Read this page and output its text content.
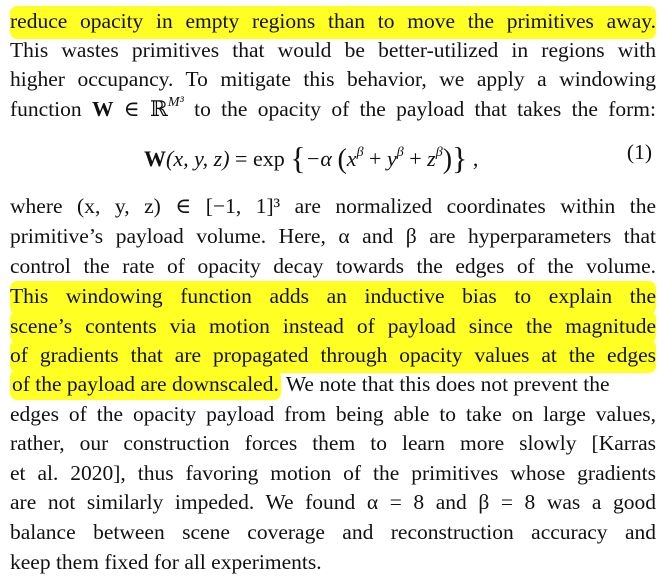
reduce opacity in empty regions than to move the primitives away.
This wastes primitives that would be better-utilized in regions with
higher occupancy. To mitigate this behavior, we apply a windowing
function W ∈ ℝ$^{M^3}$ to the opacity of the payload that takes the form:
W(x, y, z) = exp {−α $(x^\beta + y^\beta + z^\beta)$} ,	(1)
where (x, y, z) ∈ [−1, 1]³ are normalized coordinates within the
primitive’s payload volume. Here, α and β are hyperparameters that
control the rate of opacity decay towards the edges of the volume.
This windowing function adds an inductive bias to explain the
scene’s contents via motion instead of payload since the magnitude
of gradients that are propagated through opacity values at the edges
of the payload are downscaled. We note that this does not prevent the
edges of the opacity payload from being able to take on large values,
rather, our construction forces them to learn more slowly [Karras
et al. 2020], thus favoring motion of the primitives whose gradients
are not similarly impeded. We found α = 8 and β = 8 was a good
balance between scene coverage and reconstruction accuracy and
keep them fixed for all experiments.
